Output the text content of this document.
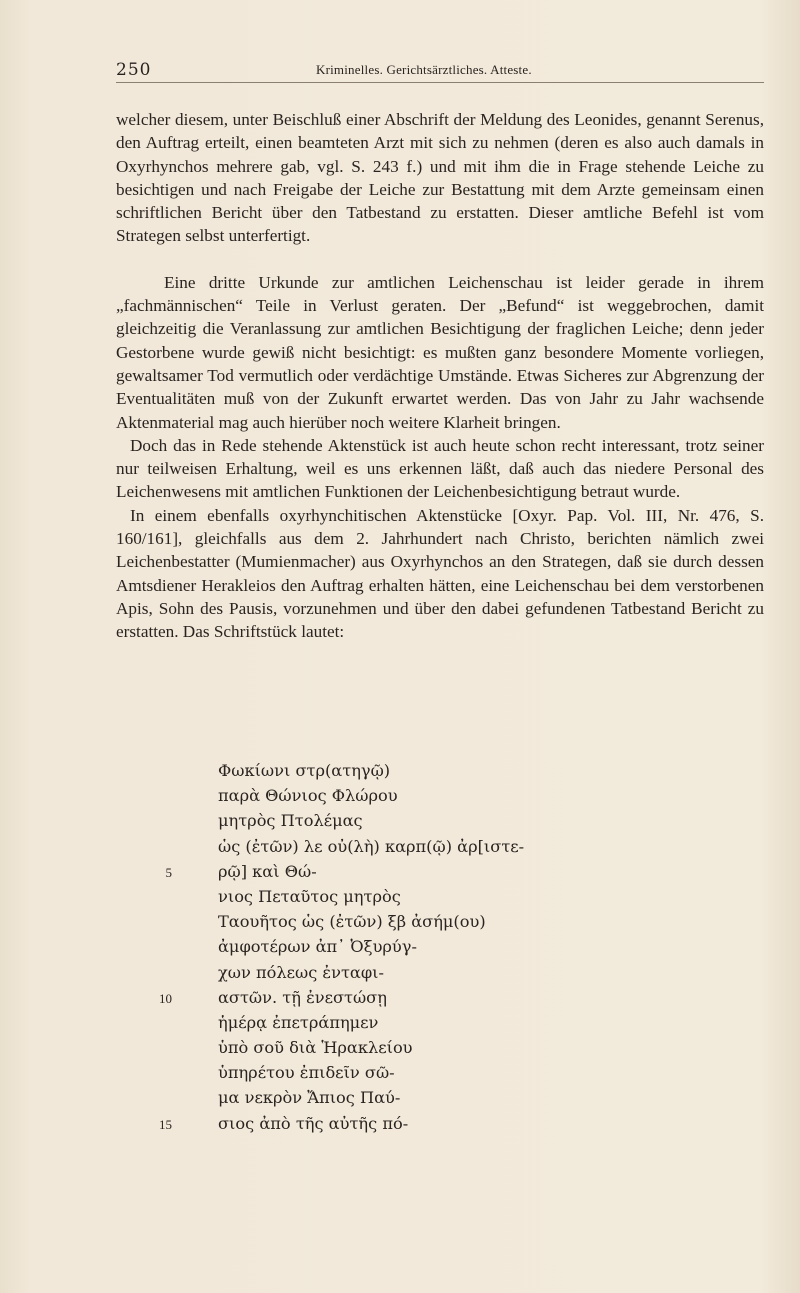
250	Kriminelles. Gerichtsärztliches. Atteste.

welcher diesem, unter Beischluß einer Abschrift der Meldung des Leonides, genannt Serenus, den Auftrag erteilt, einen beamteten Arzt mit sich zu nehmen (deren es also auch damals in Oxyrhynchos mehrere gab, vgl. S. 243 f.) und mit ihm die in Frage stehende Leiche zu besichtigen und nach Freigabe der Leiche zur Bestattung mit dem Arzte gemeinsam einen schriftlichen Bericht über den Tatbestand zu erstatten. Dieser amtliche Befehl ist vom Strategen selbst unterfertigt.

Eine dritte Urkunde zur amtlichen Leichenschau ist leider gerade in ihrem „fachmännischen“ Teile in Verlust geraten. Der „Befund“ ist weggebrochen, damit gleichzeitig die Veranlassung zur amtlichen Besichtigung der fraglichen Leiche; denn jeder Gestorbene wurde gewiß nicht besichtigt: es mußten ganz besondere Momente vorliegen, gewaltsamer Tod vermutlich oder verdächtige Umstände. Etwas Sicheres zur Abgrenzung der Eventualitäten muß von der Zukunft erwartet werden. Das von Jahr zu Jahr wachsende Aktenmaterial mag auch hierüber noch weitere Klarheit bringen.

Doch das in Rede stehende Aktenstück ist auch heute schon recht interessant, trotz seiner nur teilweisen Erhaltung, weil es uns erkennen läßt, daß auch das niedere Personal des Leichenwesens mit amtlichen Funktionen der Leichenbesichtigung betraut wurde.

In einem ebenfalls oxyrhynchitischen Aktenstücke [Oxyr. Pap. Vol. III, Nr. 476, S. 160/161], gleichfalls aus dem 2. Jahrhundert nach Christo, berichten nämlich zwei Leichenbestatter (Mumienmacher) aus Oxyrhynchos an den Strategen, daß sie durch dessen Amtsdiener Herakleios den Auftrag erhalten hätten, eine Leichenschau bei dem verstorbenen Apis, Sohn des Pausis, vorzunehmen und über den dabei gefundenen Tatbestand Bericht zu erstatten. Das Schriftstück lautet:

Φωκίωνι στρ(ατηγῷ)
παρὰ Θώνιος Φλώρου
μητρὸς Πτολέμας
ὡς (ἐτῶν) λε οὐ(λὴ) καρπ(ῷ) ἀρ[ιστε-
5	ρῷ] καὶ Θώ-
νιος Πεταῦτος μητρὸς
Ταουῆτος ὡς (ἐτῶν) ξβ ἀσήμ(ου)
ἀμφοτέρων ἀπ᾽ Ὀξυρύγ-
χων πόλεως ἐνταφι-
10	αστῶν. τῇ ἐνεστώσῃ
ἡμέρᾳ ἐπετράπημεν
ὑπὸ σοῦ διὰ Ἡρακλείου
ὑπηρέτου ἐπιδεῖν σῶ-
μα νεκρὸν Ἄπιος Παύ-
15	σιος ἀπὸ τῆς αὐτῆς πό-
